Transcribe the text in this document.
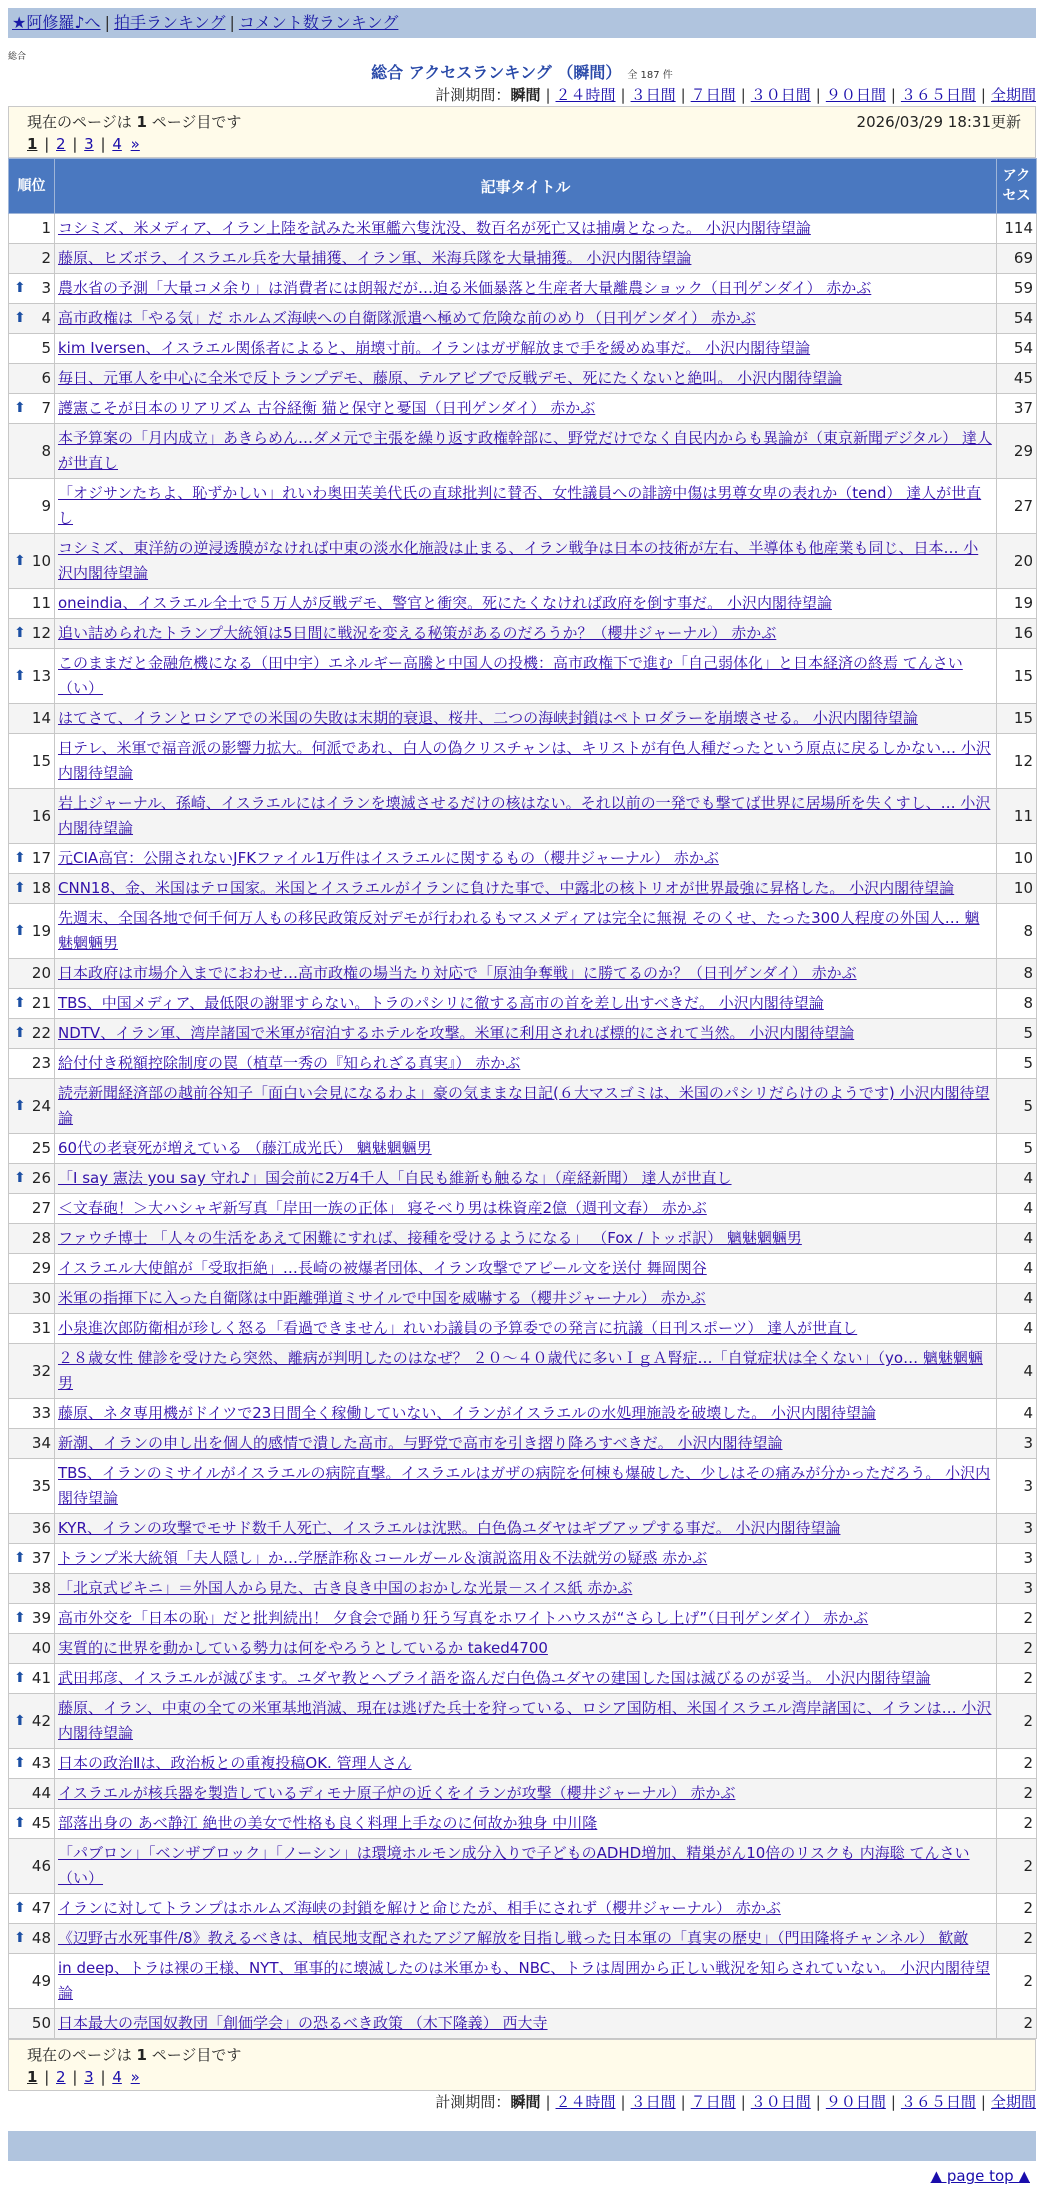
★阿修羅♪へ | 拍手ランキング | コメント数ランキング
総合
総合 アクセスランキング （瞬間） 全 187 件
計測期間：瞬間 | ２４時間 | ３日間 | ７日間 | ３０日間 | ９０日間 | ３６５日間 | 全期間
現在のページは 1 ページ目です	2026/03/29 18:31更新
1 | 2 | 3 | 4 »
順位	記事タイトル	アクセス
1	コシミズ、米メディア、イラン上陸を試みた米軍艦六隻沈没、数百名が死亡又は捕虜となった。 小沢内閣待望論	114
2	藤原、ヒズボラ、イスラエル兵を大量捕獲、イラン軍、米海兵隊を大量捕獲。 小沢内閣待望論	69

⬆ 3	農水省の予測「大量コメ余り」は消費者には朗報だが…迫る米価暴落と生産者大量離農ショック（日刊ゲンダイ） 赤かぶ	59

⬆ 4	高市政権は「やる気」だ ホルムズ海峡への自衛隊派遣へ極めて危険な前のめり（日刊ゲンダイ） 赤かぶ	54
5	kim Iversen、イスラエル関係者によると、崩壊寸前。イランはガザ解放まで手を緩めぬ事だ。 小沢内閣待望論	54
6	毎日、元軍人を中心に全米で反トランプデモ、藤原、テルアビブで反戦デモ、死にたくないと絶叫。 小沢内閣待望論	45

⬆ 7	護憲こそが日本のリアリズム 古谷経衡 猫と保守と憂国（日刊ゲンダイ） 赤かぶ	37
8	本予算案の「月内成立」あきらめん…ダメ元で主張を繰り返す政権幹部に、野党だけでなく自民内からも異論が（東京新聞デジタル） 達人が世直し	29
9	「オジサンたちよ、恥ずかしい」れいわ奥田芙美代氏の直球批判に賛否、女性議員への誹謗中傷は男尊女卑の表れか（tend） 達人が世直し	27

⬆ 10	コシミズ、東洋紡の逆浸透膜がなければ中東の淡水化施設は止まる、イラン戦争は日本の技術が左右、半導体も他産業も同じ、日本… 小沢内閣待望論	20
11	oneindia、イスラエル全土で５万人が反戦デモ、警官と衝突。死にたくなければ政府を倒す事だ。 小沢内閣待望論	19

⬆ 12	追い詰められたトランプ大統領は5日間に戦況を変える秘策があるのだろうか？（櫻井ジャーナル） 赤かぶ	16

⬆ 13	このままだと金融危機になる（田中宇）エネルギー高騰と中国人の投機：高市政権下で進む「自己弱体化」と日本経済の終焉 てんさい（い）	15
14	はてさて、イランとロシアでの米国の失敗は末期的衰退、桜井、二つの海峡封鎖はペトロダラーを崩壊させる。 小沢内閣待望論	15
15	日テレ、米軍で福音派の影響力拡大。何派であれ、白人の偽クリスチャンは、キリストが有色人種だったという原点に戻るしかない… 小沢内閣待望論	12
16	岩上ジャーナル、孫崎、イスラエルにはイランを壊滅させるだけの核はない。それ以前の一発でも撃てば世界に居場所を失くすし、… 小沢内閣待望論	11

⬆ 17	元CIA高官：公開されないJFKファイル1万件はイスラエルに関するもの（櫻井ジャーナル） 赤かぶ	10

⬆ 18	CNN18、金、米国はテロ国家。米国とイスラエルがイランに負けた事で、中露北の核トリオが世界最強に昇格した。 小沢内閣待望論	10

⬆ 19	先週末、全国各地で何千何万人もの移民政策反対デモが行われるもマスメディアは完全に無視 そのくせ、たった300人程度の外国人… 魑魅魍魎男	8
20	日本政府は市場介入までにおわせ…高市政権の場当たり対応で「原油争奪戦」に勝てるのか？（日刊ゲンダイ） 赤かぶ	8

⬆ 21	TBS、中国メディア、最低限の謝罪すらない。トラのパシリに徹する高市の首を差し出すべきだ。 小沢内閣待望論	8

⬆ 22	NDTV、イラン軍、湾岸諸国で米軍が宿泊するホテルを攻撃。米軍に利用されれば標的にされて当然。 小沢内閣待望論	5
23	給付付き税額控除制度の罠（植草一秀の『知られざる真実』） 赤かぶ	5

⬆ 24	読売新聞経済部の越前谷知子「面白い会見になるわよ」豪の気ままな日記(６大マスゴミは、米国のパシリだらけのようです) 小沢内閣待望論	5
25	60代の老衰死が増えている （藤江成光氏） 魑魅魍魎男	5

⬆ 26	「I say 憲法 you say 守れ♪」国会前に2万4千人「自民も維新も触るな」（産経新聞） 達人が世直し	4
27	＜文春砲！＞大ハシャギ新写真「岸田一族の正体」 寝そべり男は株資産2億（週刊文春） 赤かぶ	4
28	ファウチ博士 「人々の生活をあえて困難にすれば、接種を受けるようになる」 （Fox / トッポ訳） 魑魅魍魎男	4
29	イスラエル大使館が「受取拒絶」…長崎の被爆者団体、イラン攻撃でアピール文を送付 舞岡関谷	4
30	米軍の指揮下に入った自衛隊は中距離弾道ミサイルで中国を威嚇する（櫻井ジャーナル） 赤かぶ	4
31	小泉進次郎防衛相が珍しく怒る「看過できません」れいわ議員の予算委での発言に抗議（日刊スポーツ） 達人が世直し	4
32	２８歳女性 健診を受けたら突然、離病が判明したのはなぜ？ ２０～４０歳代に多いＩｇＡ腎症…「自覚症状は全くない」（yo… 魑魅魍魎男	4
33	藤原、ネタ専用機がドイツで23日間全く稼働していない、イランがイスラエルの水処理施設を破壊した。 小沢内閣待望論	4
34	新潮、イランの申し出を個人的感情で潰した高市。与野党で高市を引き摺り降ろすべきだ。 小沢内閣待望論	3
35	TBS、イランのミサイルがイスラエルの病院直撃。イスラエルはガザの病院を何棟も爆破した、少しはその痛みが分かっただろう。 小沢内閣待望論	3
36	KYR、イランの攻撃でモサド数千人死亡、イスラエルは沈黙。白色偽ユダヤはギブアップする事だ。 小沢内閣待望論	3

⬆ 37	トランプ米大統領「夫人隠し」か…学歴詐称＆コールガール＆演説盗用＆不法就労の疑惑 赤かぶ	3
38	「北京式ビキニ」＝外国人から見た、古き良き中国のおかしな光景－スイス紙 赤かぶ	3

⬆ 39	高市外交を「日本の恥」だと批判続出！ 夕食会で踊り狂う写真をホワイトハウスが“さらし上げ”（日刊ゲンダイ） 赤かぶ	2
40	実質的に世界を動かしている勢力は何をやろうとしているか taked4700	2

⬆ 41	武田邦彦、イスラエルが滅びます。ユダヤ教とヘブライ語を盗んだ白色偽ユダヤの建国した国は滅びるのが妥当。 小沢内閣待望論	2

⬆ 42	藤原、イラン、中東の全ての米軍基地消滅、現在は逃げた兵士を狩っている、ロシア国防相、米国イスラエル湾岸諸国に、イランは… 小沢内閣待望論	2

⬆ 43	日本の政治Ⅱは、政治板との重複投稿OK. 管理人さん	2
44	イスラエルが核兵器を製造しているディモナ原子炉の近くをイランが攻撃（櫻井ジャーナル） 赤かぶ	2

⬆ 45	部落出身の あべ静江 絶世の美女で性格も良く料理上手なのに何故か独身 中川隆	2
46	「パブロン」「ベンザブロック」「ノーシン」は環境ホルモン成分入りで子どものADHD増加、精巣がん10倍のリスクも 内海聡 てんさい（い）	2

⬆ 47	イランに対してトランプはホルムズ海峡の封鎖を解けと命じたが、相手にされず（櫻井ジャーナル） 赤かぶ	2

⬆ 48	《辺野古水死事件/8》教えるべきは、植民地支配されたアジア解放を目指し戦った日本軍の「真実の歴史」（門田隆将チャンネル） 歓敵	2
49	in deep、トラは裸の王様、NYT、軍事的に壊滅したのは米軍かも、NBC、トラは周囲から正しい戦況を知らされていない。 小沢内閣待望論	2
50	日本最大の売国奴教団「創価学会」の恐るべき政策 （木下隆義） 西大寺	2
現在のページは 1 ページ目です
1 | 2 | 3 | 4 »
計測期間：瞬間 | ２４時間 | ３日間 | ７日間 | ３０日間 | ９０日間 | ３６５日間 | 全期間
▲ page top ▲
